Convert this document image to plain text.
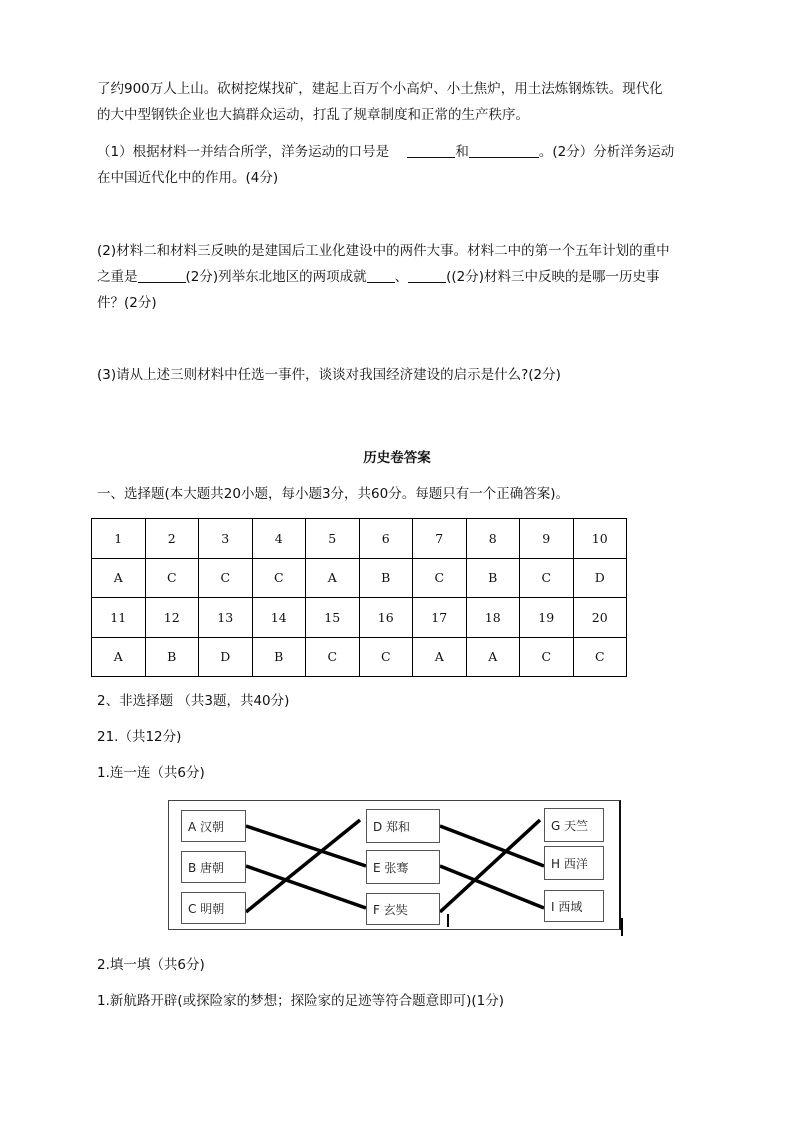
了约900万人上山。砍树挖煤找矿，建起上百万个小高炉、小土焦炉，用土法炼钢炼铁。现代化

的大中型钢铁企业也大搞群众运动，打乱了规章制度和正常的生产秩序。

（1）根据材料一并结合所学，洋务运动的口号是	和	。(2分）分析洋务运动

在中国近代化中的作用。(4分)

(2)材料二和材料三反映的是建国后工业化建设中的两件大事。材料二中的第一个五年计划的重中

之重是	(2分)列举东北地区的两项成就 、	((2分)材料三中反映的是哪一历史事

件？(2分)

(3)请从上述三则材料中任选一事件，谈谈对我国经济建设的启示是什么?(2分)

历史卷答案

一、选择题(本大题共20小题，每小题3分，共60分。每题只有一个正确答案)。

1	2	3	4	5	6	7	8	9	10
A	C	C	C	A	B	C	B	C	D
11	12	13	14	15	16	17	18	19	20
A	B	D	B	C	C	A	A	C	C

2、非选择题 （共3题，共40分)

21.（共12分)

1.连一连（共6分)

A 汉朝
B 唐朝
C 明朝
D 郑和
E 张骞
F 玄奘
G 天竺
H 西洋
I 西域

2.填一填（共6分)

1.新航路开辟(或探险家的梦想；探险家的足迹等符合题意即可)(1分)
